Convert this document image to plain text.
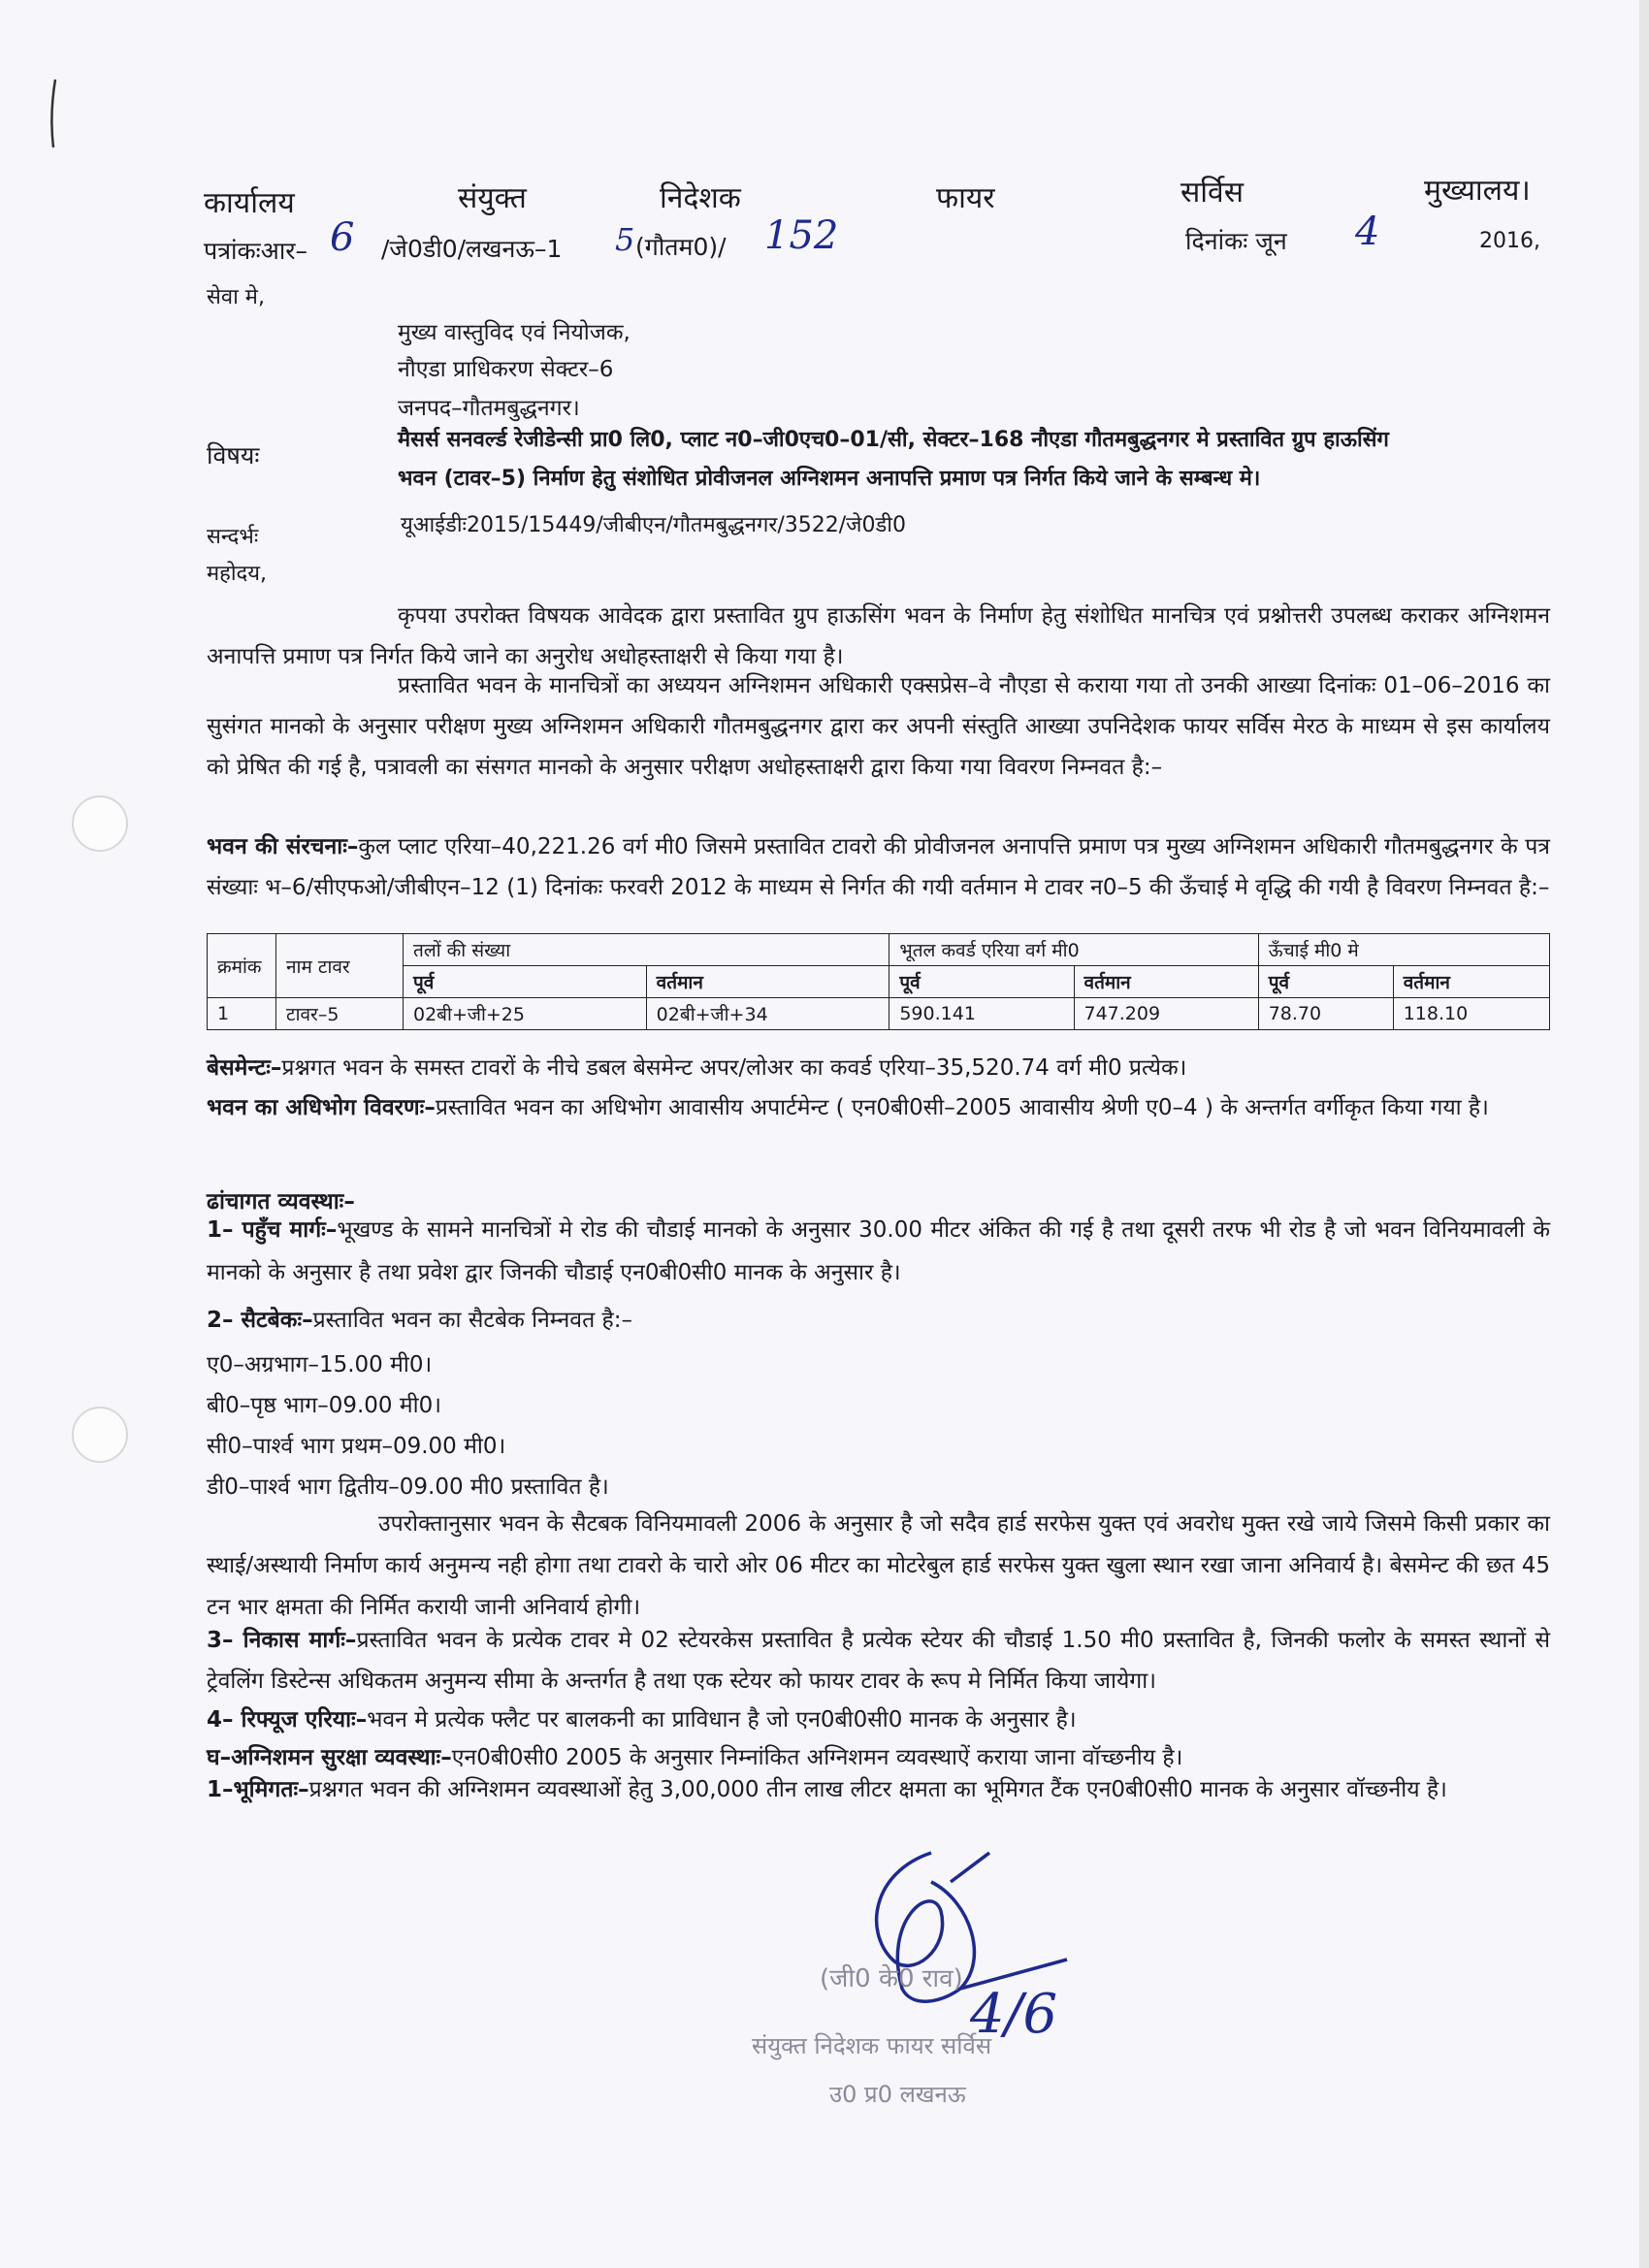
कार्यालय	संयुक्त	निदेशक	फायर	सर्विस	मुख्यालय।
पत्रांकःआर– 6 /जे0डी0/लखनऊ–1 5 (गौतम0)/ 152	दिनांकः जून 4	2016,
सेवा मे,
मुख्य वास्तुविद एवं नियोजक,
नौएडा प्राधिकरण सेक्टर–6
जनपद–गौतमबुद्धनगर।
विषयः
मैसर्स सनवर्ल्ड रेजीडेन्सी प्रा0 लि0, प्लाट न0–जी0एच0–01/सी, सेक्टर–168 नौएडा गौतमबुद्धनगर मे प्रस्तावित ग्रुप हाऊसिंग
भवन (टावर–5) निर्माण हेतु संशोधित प्रोवीजनल अग्निशमन अनापत्ति प्रमाण पत्र निर्गत किये जाने के सम्बन्ध मे।
सन्दर्भः	यूआईडीः2015/15449/जीबीएन/गौतमबुद्धनगर/3522/जे0डी0
महोदय,
कृपया उपरोक्त विषयक आवेदक द्वारा प्रस्तावित ग्रुप हाऊसिंग भवन के निर्माण हेतु संशोधित मानचित्र एवं प्रश्नोत्तरी उपलब्ध कराकर अग्निशमन अनापत्ति प्रमाण पत्र निर्गत किये जाने का अनुरोध अधोहस्ताक्षरी से किया गया है।
प्रस्तावित भवन के मानचित्रों का अध्ययन अग्निशमन अधिकारी एक्सप्रेस–वे नौएडा से कराया गया तो उनकी आख्या दिनांकः 01–06–2016 का सुसंगत मानको के अनुसार परीक्षण मुख्य अग्निशमन अधिकारी गौतमबुद्धनगर द्वारा कर अपनी संस्तुति आख्या उपनिदेशक फायर सर्विस मेरठ के माध्यम से इस कार्यालय को प्रेषित की गई है, पत्रावली का संसगत मानको के अनुसार परीक्षण अधोहस्ताक्षरी द्वारा किया गया विवरण निम्नवत है:–
भवन की संरचनाः–कुल प्लाट एरिया–40,221.26 वर्ग मी0 जिसमे प्रस्तावित टावरो की प्रोवीजनल अनापत्ति प्रमाण पत्र मुख्य अग्निशमन अधिकारी गौतमबुद्धनगर के पत्र संख्याः भ–6/सीएफओ/जीबीएन–12 (1) दिनांकः फरवरी 2012 के माध्यम से निर्गत की गयी वर्तमान मे टावर न0–5 की ऊँचाई मे वृद्धि की गयी है विवरण निम्नवत है:–
क्रमांक	नाम टावर	तलों की संख्या		भूतल कवर्ड एरिया वर्ग मी0		ऊँचाई मी0 मे	
		पूर्व	वर्तमान	पूर्व	वर्तमान	पूर्व	वर्तमान
1	टावर–5	02बी+जी+25	02बी+जी+34	590.141	747.209	78.70	118.10
बेसमेन्टः–प्रश्नगत भवन के समस्त टावरों के नीचे डबल बेसमेन्ट अपर/लोअर का कवर्ड एरिया–35,520.74 वर्ग मी0 प्रत्येक।
भवन का अधिभोग विवरणः–प्रस्तावित भवन का अधिभोग आवासीय अपार्टमेन्ट ( एन0बी0सी–2005 आवासीय श्रेणी ए0–4 ) के अन्तर्गत वर्गीकृत किया गया है।
ढांचागत व्यवस्थाः–
1– पहुँच मार्गः–भूखण्ड के सामने मानचित्रों मे रोड की चौडाई मानको के अनुसार 30.00 मीटर अंकित की गई है तथा दूसरी तरफ भी रोड है जो भवन विनियमावली के मानको के अनुसार है तथा प्रवेश द्वार जिनकी चौडाई एन0बी0सी0 मानक के अनुसार है।
2– सैटबेकः–प्रस्तावित भवन का सैटबेक निम्नवत है:–
ए0–अग्रभाग–15.00 मी0।
बी0–पृष्ठ भाग–09.00 मी0।
सी0–पार्श्व भाग प्रथम–09.00 मी0।
डी0–पार्श्व भाग द्वितीय–09.00 मी0 प्रस्तावित है।
उपरोक्तानुसार भवन के सैटबक विनियमावली 2006 के अनुसार है जो सदैव हार्ड सरफेस युक्त एवं अवरोध मुक्त रखे जाये जिसमे किसी प्रकार का स्थाई/अस्थायी निर्माण कार्य अनुमन्य नही होगा तथा टावरो के चारो ओर 06 मीटर का मोटरेबुल हार्ड सरफेस युक्त खुला स्थान रखा जाना अनिवार्य है। बेसमेन्ट की छत 45 टन भार क्षमता की निर्मित करायी जानी अनिवार्य होगी।
3– निकास मार्गः–प्रस्तावित भवन के प्रत्येक टावर मे 02 स्टेयरकेस प्रस्तावित है प्रत्येक स्टेयर की चौडाई 1.50 मी0 प्रस्तावित है, जिनकी फलोर के समस्त स्थानों से ट्रेवलिंग डिस्टेन्स अधिकतम अनुमन्य सीमा के अन्तर्गत है तथा एक स्टेयर को फायर टावर के रूप मे निर्मित किया जायेगा।
4– रिफ्यूज एरियाः–भवन मे प्रत्येक फ्लैट पर बालकनी का प्राविधान है जो एन0बी0सी0 मानक के अनुसार है।
घ–अग्निशमन सुरक्षा व्यवस्थाः–एन0बी0सी0 2005 के अनुसार निम्नांकित अग्निशमन व्यवस्थाऐं कराया जाना वॉच्छनीय है।
1–भूमिगतः–प्रश्नगत भवन की अग्निशमन व्यवस्थाओं हेतु 3,00,000 तीन लाख लीटर क्षमता का भूमिगत टैंक एन0बी0सी0 मानक के अनुसार वॉच्छनीय है।
4/6
(जी0 के0 राव)
संयुक्त निदेशक फायर सर्विस
उ0 प्र0 लखनऊ
